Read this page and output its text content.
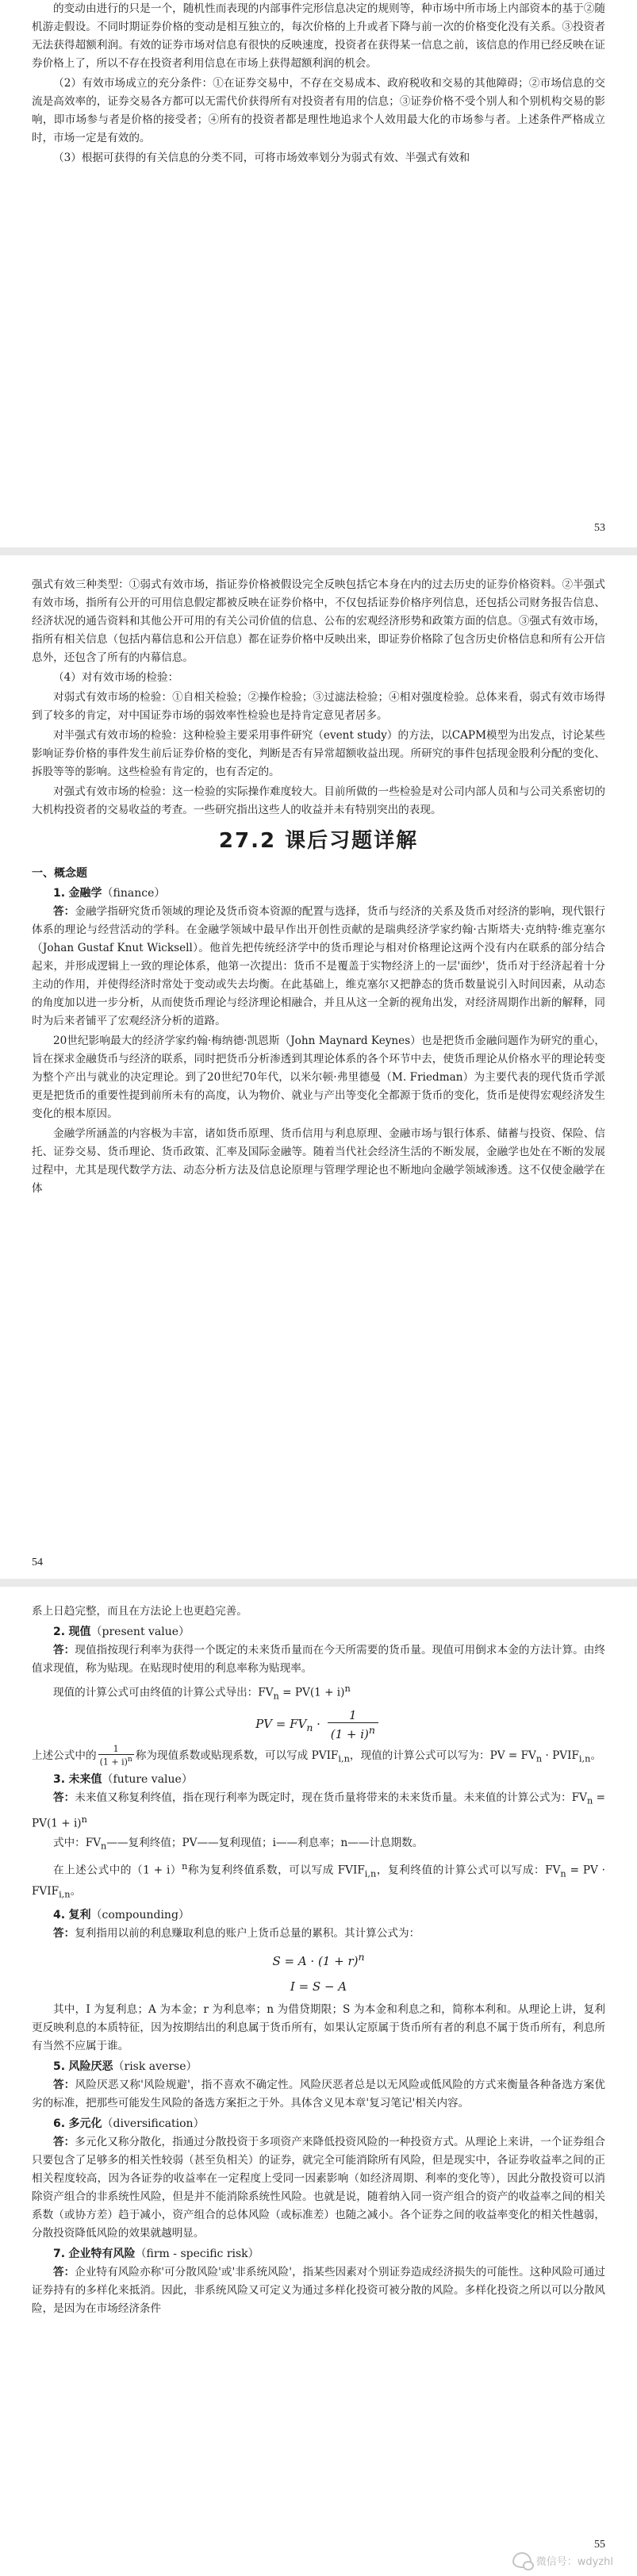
的变动由进行的只是一个，随机性而表现的内部事件完形信息决定的规则等，种市场中所市场上内部资本的基于②随机游走假设。不同时期证券价格的变动是相互独立的，每次价格的上升或者下降与前一次的价格变化没有关系。③投资者无法获得超额利润。有效的证券市场对信息有很快的反映速度，投资者在获得某一信息之前，该信息的作用已经反映在证券价格上了，所以不存在投资者利用信息在市场上获得超额利润的机会。

（2）有效市场成立的充分条件：①在证券交易中，不存在交易成本、政府税收和交易的其他障碍；②市场信息的交流是高效率的，证券交易各方都可以无需代价获得所有对投资者有用的信息；③证券价格不受个别人和个别机构交易的影响，即市场参与者是价格的接受者；④所有的投资者都是理性地追求个人效用最大化的市场参与者。上述条件严格成立时，市场一定是有效的。

（3）根据可获得的有关信息的分类不同，可将市场效率划分为弱式有效、半强式有效和

53

强式有效三种类型：①弱式有效市场，指证券价格被假设完全反映包括它本身在内的过去历史的证券价格资料。②半强式有效市场，指所有公开的可用信息假定都被反映在证券价格中，不仅包括证券价格序列信息，还包括公司财务报告信息、经济状况的通告资料和其他公开可用的有关公司价值的信息、公布的宏观经济形势和政策方面的信息。③强式有效市场，指所有相关信息（包括内幕信息和公开信息）都在证券价格中反映出来，即证券价格除了包含历史价格信息和所有公开信息外，还包含了所有的内幕信息。

（4）对有效市场的检验：

对弱式有效市场的检验：①自相关检验；②操作检验；③过滤法检验；④相对强度检验。总体来看，弱式有效市场得到了较多的肯定，对中国证券市场的弱效率性检验也是持肯定意见者居多。

对半强式有效市场的检验：这种检验主要采用事件研究（event study）的方法，以CAPM模型为出发点，讨论某些影响证券价格的事件发生前后证券价格的变化，判断是否有异常超额收益出现。所研究的事件包括现金股利分配的变化、拆股等等的影响。这些检验有肯定的，也有否定的。

对强式有效市场的检验：这一检验的实际操作难度较大。目前所做的一些检验是对公司内部人员和与公司关系密切的大机构投资者的交易收益的考查。一些研究指出这些人的收益并未有特别突出的表现。

27.2 课后习题详解
一、概念题

1. 金融学（finance）

答：金融学指研究货币领域的理论及货币资本资源的配置与选择，货币与经济的关系及货币对经济的影响，现代银行体系的理论与经营活动的学科。在金融学领域中最早作出开创性贡献的是瑞典经济学家约翰·古斯塔夫·克纳特·维克塞尔（Johan Gustaf Knut Wicksell）。他首先把传统经济学中的货币理论与相对价格理论这两个没有内在联系的部分结合起来，并形成逻辑上一致的理论体系，他第一次提出：货币不是覆盖于实物经济上的一层'面纱'，货币对于经济起着十分主动的作用，并使得经济时常处于变动或失去均衡。在此基础上，维克塞尔又把静态的货币数量说引入时间因素，从动态的角度加以进一步分析，从而使货币理论与经济理论相融合，并且从这一全新的视角出发，对经济周期作出新的解释，同时为后来者铺平了宏观经济分析的道路。

20世纪影响最大的经济学家约翰·梅纳德·凯恩斯（John Maynard Keynes）也是把货币金融问题作为研究的重心，旨在探求金融货币与经济的联系，同时把货币分析渗透到其理论体系的各个环节中去，使货币理论从价格水平的理论转变为整个产出与就业的决定理论。到了20世纪70年代，以米尔顿·弗里德曼（M. Friedman）为主要代表的现代货币学派更是把货币的重要性提到前所未有的高度，认为物价、就业与产出等变化全都源于货币的变化，货币是使得宏观经济发生变化的根本原因。

金融学所涵盖的内容极为丰富，诸如货币原理、货币信用与利息原理、金融市场与银行体系、储蓄与投资、保险、信托、证券交易、货币理论、货币政策、汇率及国际金融等。随着当代社会经济生活的不断发展，金融学也处在不断的发展过程中，尤其是现代数学方法、动态分析方法及信息论原理与管理学理论也不断地向金融学领域渗透。这不仅使金融学在体

54

系上日趋完整，而且在方法论上也更趋完善。

2. 现值（present value）

答：现值指按现行利率为获得一个既定的未来货币量而在今天所需要的货币量。现值可用倒求本金的方法计算。由终值求现值，称为贴现。在贴现时使用的利息率称为贴现率。

现值的计算公式可由终值的计算公式导出：$FV_n = PV(1 + i)^n$

PV = $FV_n \cdot \frac{1}{(1 + i)^n}$

上述公式中的 $\frac{1}{(1 + i)^n}$ 称为现值系数或贴现系数，可以写成 $PVIF_{i,n}$，现值的计算公式可以写为：PV = $FV_n$ · $PVIF_{i,n}$。

3. 未来值（future value）

答：未来值又称复利终值，指在现行利率为既定时，现在货币量将带来的未来货币量。未来值的计算公式为：$FV_n = PV(1 + i)^n$

式中：$FV_n——$复利终值；PV——复利现值；i——利息率；n——计息期数。

在上述公式中的$(1 + i)^n$称为复利终值系数，可以写成 $FVIF_{i,n}$，复利终值的计算公式可以写成：$FV_n$ = PV · $FVIF_{i,n}$。

4. 复利（compounding）

答：复利指用以前的利息赚取利息的账户上货币总量的累积。其计算公式为：

$S = A \cdot (1 + r)^n$
I = S − A

其中，I 为复利息；A 为本金；r 为利息率；n 为借贷期限；S 为本金和利息之和，简称本利和。从理论上讲，复利更反映利息的本质特征，因为按期结出的利息属于货币所有，如果认定原属于货币所有者的利息不属于货币所有，利息所有当然不应属于谁。

5. 风险厌恶（risk averse）

答：风险厌恶又称'风险规避'，指不喜欢不确定性。风险厌恶者总是以无风险或低风险的方式来衡量各种备选方案优劣的标准，把那些可能发生风险的备选方案拒之于外。具体含义见本章'复习笔记'相关内容。

6. 多元化（diversification）

答：多元化又称分散化，指通过分散投资于多项资产来降低投资风险的一种投资方式。从理论上来讲，一个证券组合只要包含了足够多的相关性较弱（甚至负相关）的证券，就完全可能消除所有风险，但是现实中，各证券收益率之间的正相关程度较高，因为各证券的收益率在一定程度上受同一因素影响（如经济周期、利率的变化等），因此分散投资可以消除资产组合的非系统性风险，但是并不能消除系统性风险。也就是说，随着纳入同一资产组合的资产的收益率之间的相关系数（或协方差）趋于减小，资产组合的总体风险（或标准差）也随之减小。各个证券之间的收益率变化的相关性越弱，分散投资降低风险的效果就越明显。

7. 企业特有风险（firm - specific risk）

答：企业特有风险亦称'可分散风险'或'非系统风险'，指某些因素对个别证券造成经济损失的可能性。这种风险可通过证券持有的多样化来抵消。因此，非系统风险又可定义为通过多样化投资可被分散的风险。多样化投资之所以可以分散风险，是因为在市场经济条件

55
微信号：wdyzhl
